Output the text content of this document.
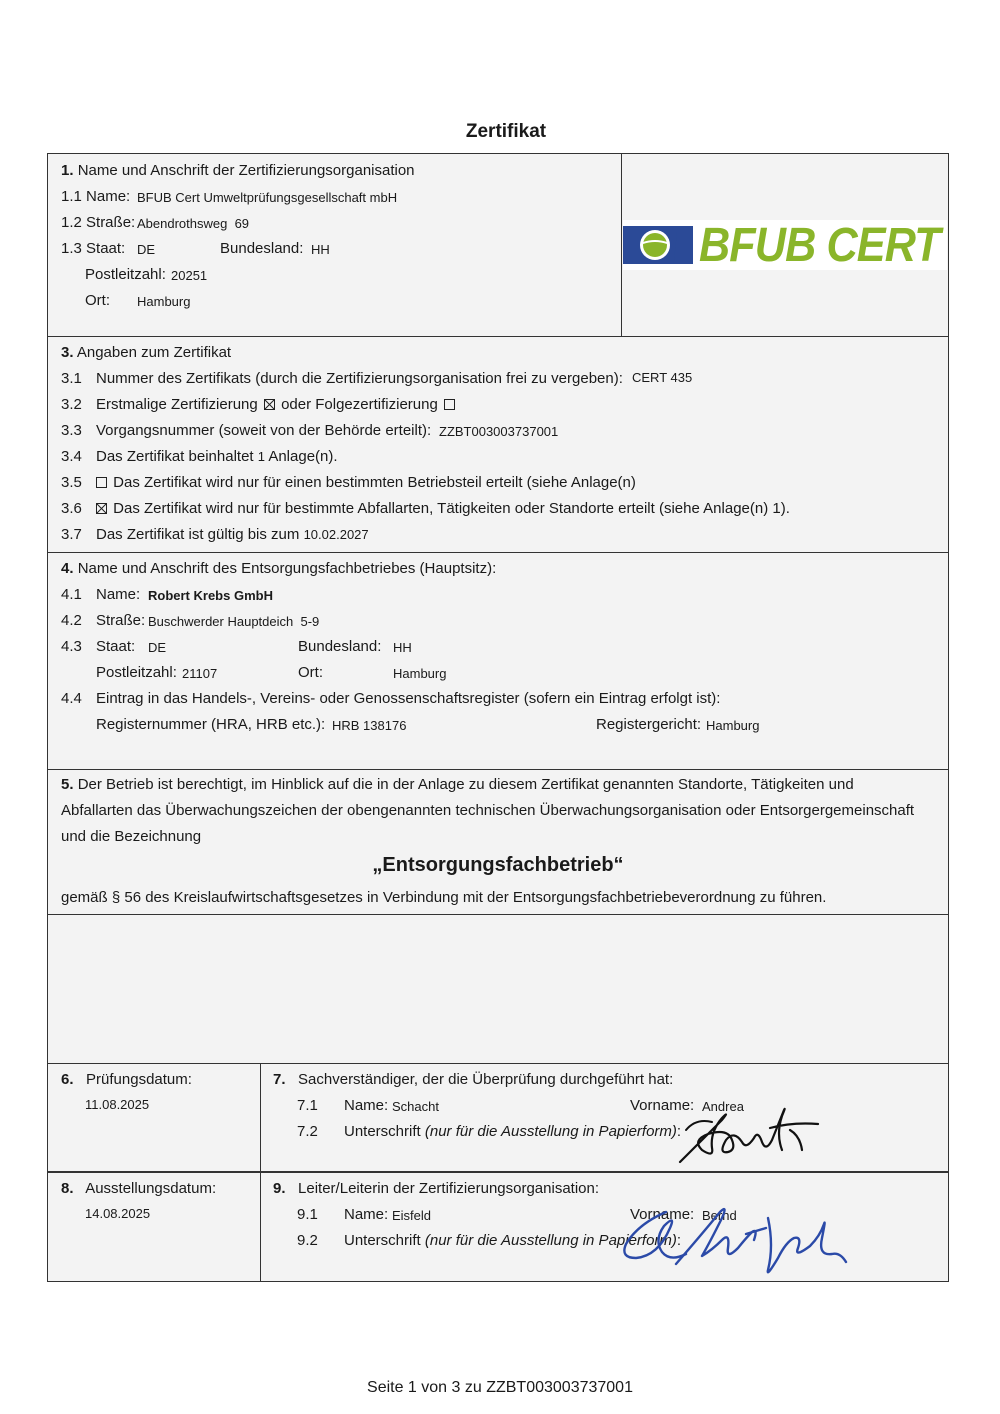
Zertifikat
1. Name und Anschrift der Zertifizierungsorganisation
1.1 Name: BFUB Cert Umweltprüfungsgesellschaft mbH
1.2 Straße: Abendrothsweg  69
1.3 Staat: DE	Bundesland: HH
Postleitzahl: 20251
Ort: Hamburg
BFUB CERT
3. Angaben zum Zertifikat
3.1 Nummer des Zertifikats (durch die Zertifizierungsorganisation frei zu vergeben): CERT 435
3.2 Erstmalige Zertifizierung oder Folgezertifizierung
3.3 Vorgangsnummer (soweit von der Behörde erteilt): ZZBT003003737001
3.4 Das Zertifikat beinhaltet 1 Anlage(n).
3.5	Das Zertifikat wird nur für einen bestimmten Betriebsteil erteilt (siehe Anlage(n)
3.6	Das Zertifikat wird nur für bestimmte Abfallarten, Tätigkeiten oder Standorte erteilt (siehe Anlage(n) 1).
3.7 Das Zertifikat ist gültig bis zum 10.02.2027
4. Name und Anschrift des Entsorgungsfachbetriebes (Hauptsitz):
4.1 Name: Robert Krebs GmbH
4.2 Straße: Buschwerder Hauptdeich  5-9
4.3 Staat: DE	Bundesland: HH
Postleitzahl: 21107	Ort:	Hamburg
4.4 Eintrag in das Handels-, Vereins- oder Genossenschaftsregister (sofern ein Eintrag erfolgt ist):
Registernummer (HRA, HRB etc.): HRB 138176	Registergericht: Hamburg
5. Der Betrieb ist berechtigt, im Hinblick auf die in der Anlage zu diesem Zertifikat genannten Standorte, Tätigkeiten und
Abfallarten das Überwachungszeichen der obengenannten technischen Überwachungsorganisation oder Entsorgergemeinschaft
und die Bezeichnung
„Entsorgungsfachbetrieb“
gemäß § 56 des Kreislaufwirtschaftsgesetzes in Verbindung mit der Entsorgungsfachbetriebeverordnung zu führen.
6. Prüfungsdatum:
11.08.2025
7. Sachverständiger, der die Überprüfung durchgeführt hat:
7.1 Name: Schacht	Vorname: Andrea
7.2 Unterschrift (nur für die Ausstellung in Papierform):
8. Ausstellungsdatum:
14.08.2025
9. Leiter/Leiterin der Zertifizierungsorganisation:
9.1 Name: Eisfeld	Vorname: Bernd
9.2 Unterschrift (nur für die Ausstellung in Papierform):
Seite 1 von 3 zu ZZBT003003737001
